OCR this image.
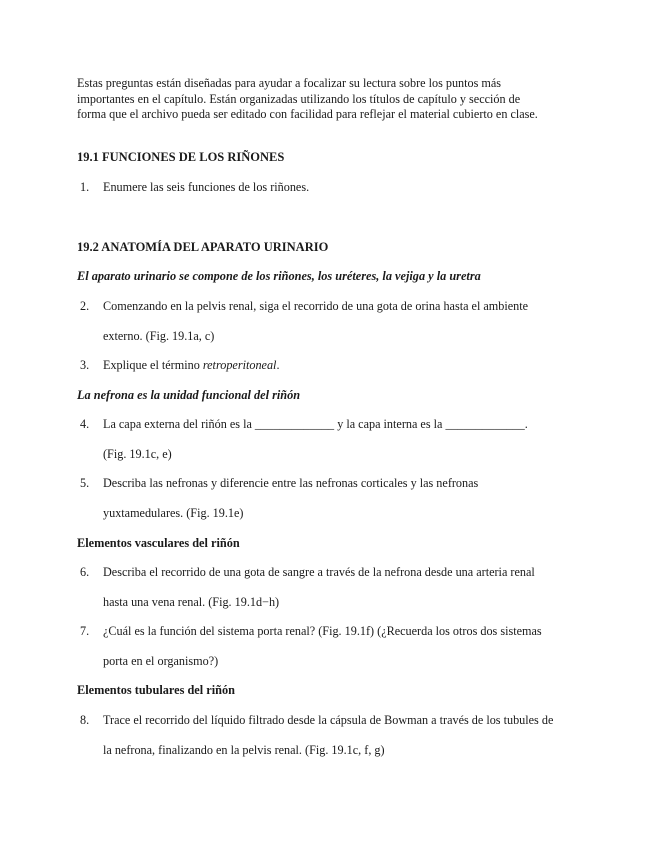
Estas preguntas están diseñadas para ayudar a focalizar su lectura sobre los puntos más

importantes en el capítulo. Están organizadas utilizando los títulos de capítulo y sección de

forma que el archivo pueda ser editado con facilidad para reflejar el material cubierto en clase.

19.1 FUNCIONES DE LOS RIÑONES
1. Enumere las seis funciones de los riñones.
19.2 ANATOMÍA DEL APARATO URINARIO

El aparato urinario se compone de los riñones, los uréteres, la vejiga y la uretra

2. Comenzando en la pelvis renal, siga el recorrido de una gota de orina hasta el ambiente
externo. (Fig. 19.1a, c)
3. Explique el término retroperitoneal.

La nefrona es la unidad funcional del riñón

4. La capa externa del riñón es la _____________ y la capa interna es la _____________.
(Fig. 19.1c, e)
5. Describa las nefronas y diferencie entre las nefronas corticales y las nefronas
yuxtamedulares. (Fig. 19.1e)

Elementos vasculares del riñón

6. Describa el recorrido de una gota de sangre a través de la nefrona desde una arteria renal
hasta una vena renal. (Fig. 19.1d−h)
7. ¿Cuál es la función del sistema porta renal? (Fig. 19.1f) (¿Recuerda los otros dos sistemas
porta en el organismo?)

Elementos tubulares del riñón

8. Trace el recorrido del líquido filtrado desde la cápsula de Bowman a través de los tubules de
la nefrona, finalizando en la pelvis renal. (Fig. 19.1c, f, g)
